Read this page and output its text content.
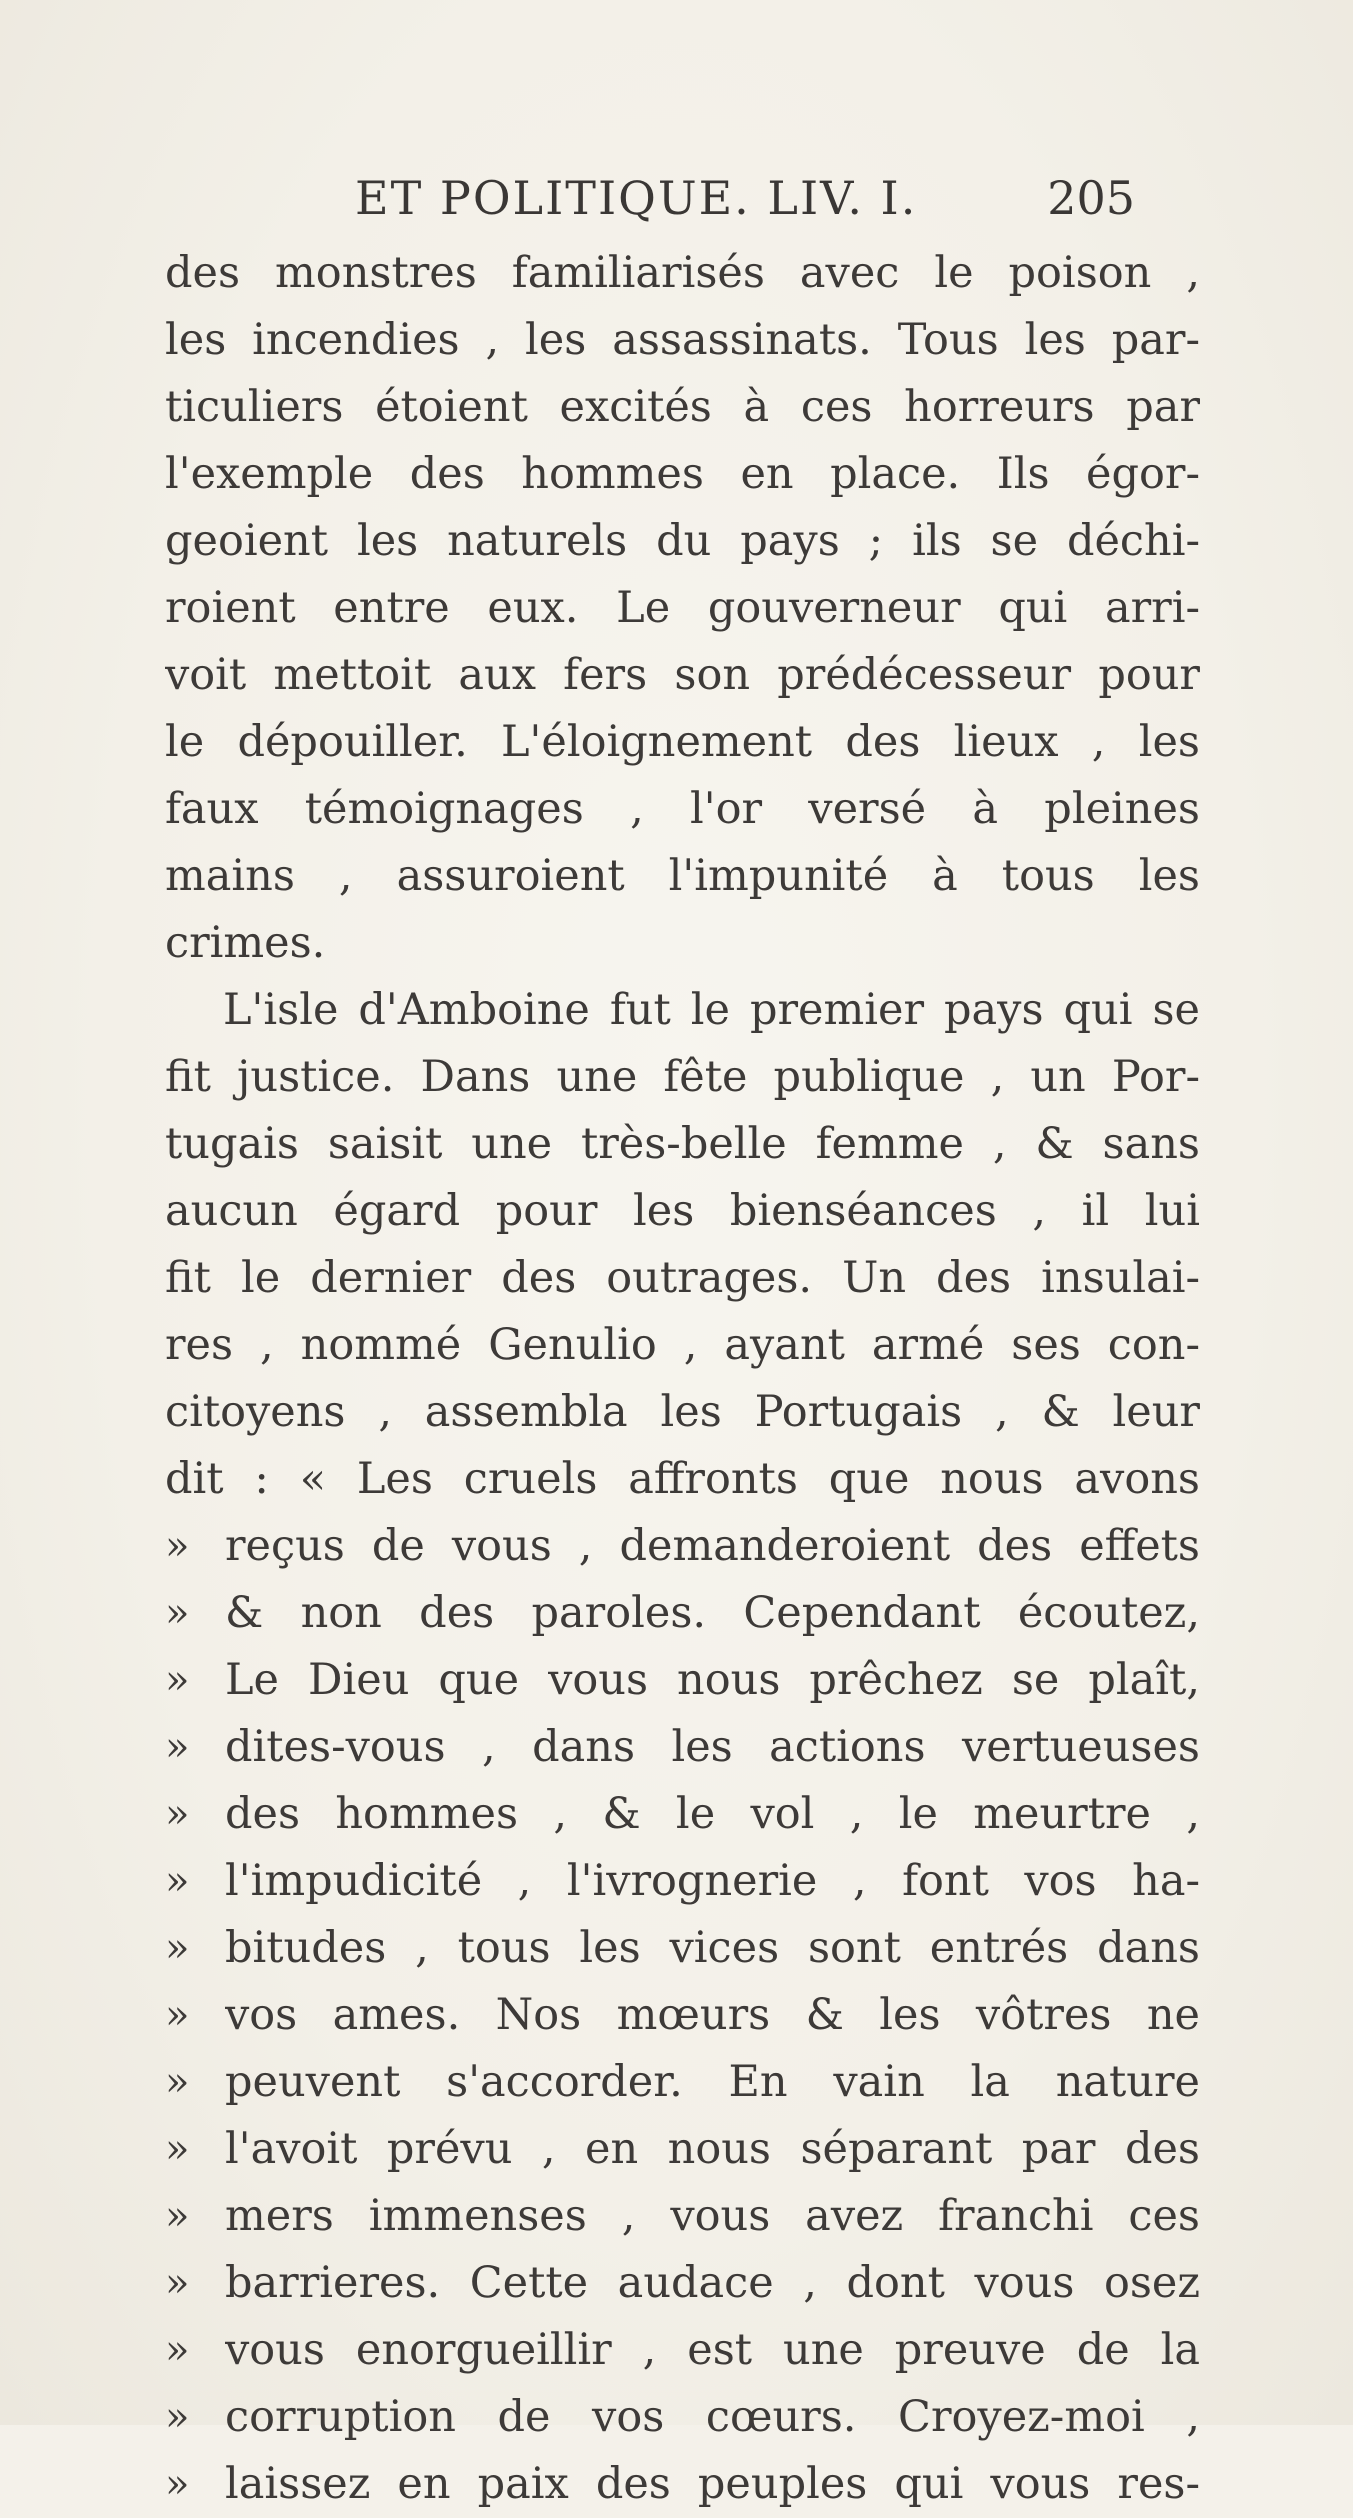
ET POLITIQUE. LIV. I.	205
des monstres familiarisés avec le poison ,
les incendies , les assassinats. Tous les par-
ticuliers étoient excités à ces horreurs par
l'exemple des hommes en place. Ils égor-
geoient les naturels du pays ; ils se déchi-
roient entre eux. Le gouverneur qui arri-
voit mettoit aux fers son prédécesseur pour
le dépouiller. L'éloignement des lieux , les
faux témoignages , l'or versé à pleines
mains , assuroient l'impunité à tous les
crimes.
L'isle d'Amboine fut le premier pays qui se
fit justice. Dans une fête publique , un Por-
tugais saisit une très-belle femme , & sans
aucun égard pour les bienséances , il lui
fit le dernier des outrages. Un des insulai-
res , nommé Genulio , ayant armé ses con-
citoyens , assembla les Portugais , & leur
dit : « Les cruels affronts que nous avons
» reçus de vous , demanderoient des effets
» & non des paroles. Cependant écoutez,
» Le Dieu que vous nous prêchez se plaît,
» dites-vous , dans les actions vertueuses
» des hommes , & le vol , le meurtre ,
» l'impudicité , l'ivrognerie , font vos ha-
» bitudes , tous les vices sont entrés dans
» vos ames. Nos mœurs & les vôtres ne
» peuvent s'accorder. En vain la nature
» l'avoit prévu , en nous séparant par des
» mers immenses , vous avez franchi ces
» barrieres. Cette audace , dont vous osez
» vous enorgueillir , est une preuve de la
» corruption de vos cœurs. Croyez-moi ,
» laissez en paix des peuples qui vous res-
